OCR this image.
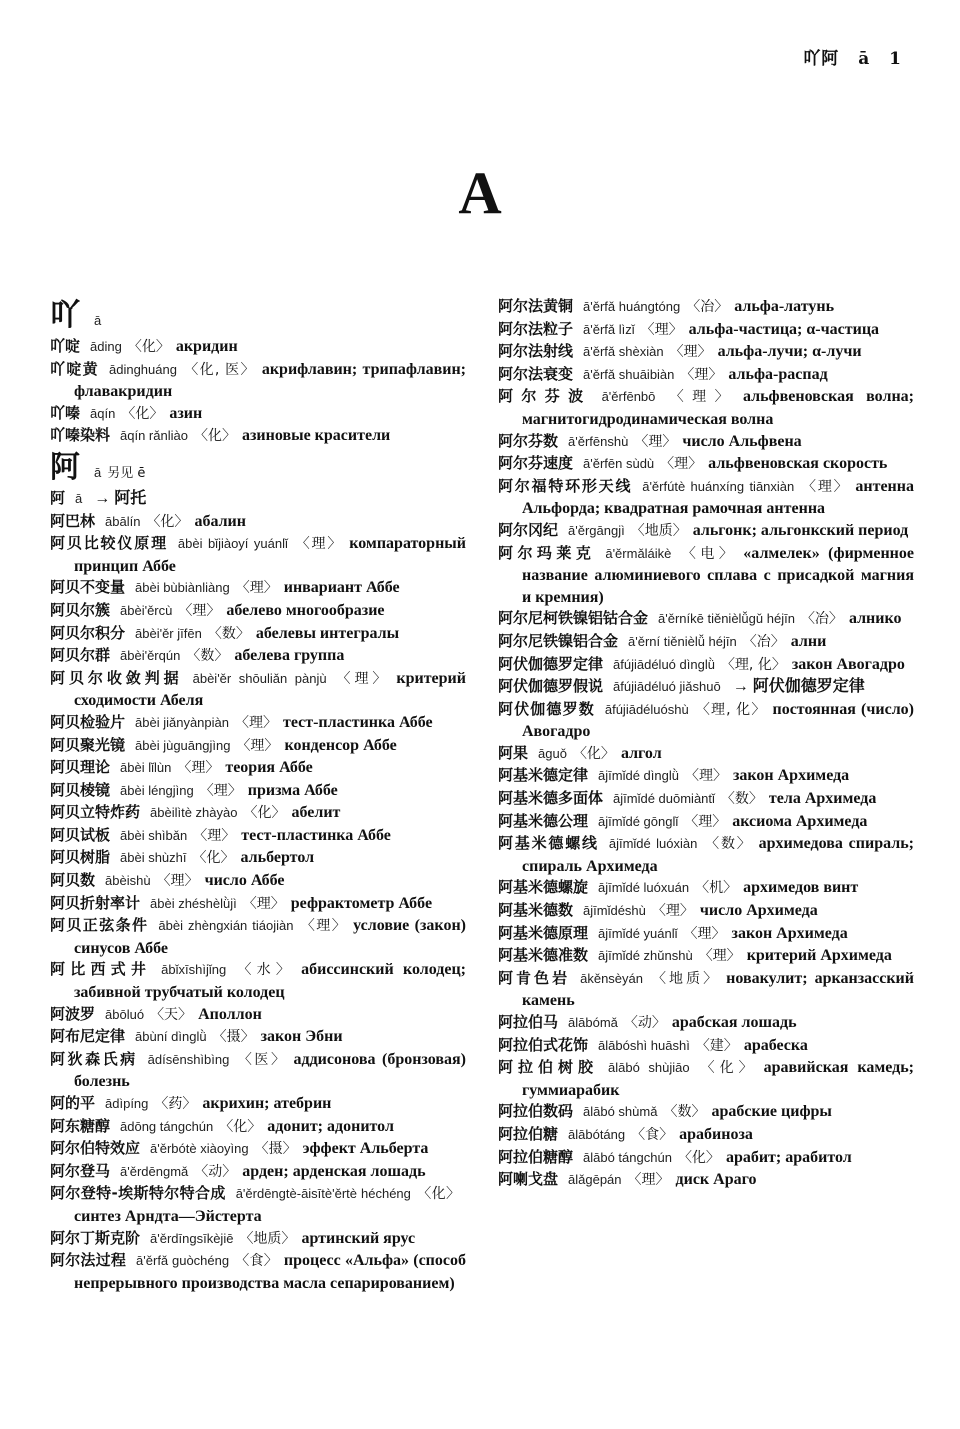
吖阿 ā 1
A

吖 ā

吖啶 āding 〈化〉 акридин

吖啶黄 ādinghuáng 〈化, 医〉 акрифлавин; трипафлавин; флавакридин

吖嗪 āqín 〈化〉 азин

吖嗪染料 āqín rǎnliào 〈化〉 азиновые красители

阿 ā 另见 ē

阿 ā → 阿托

阿巴林 ābālín 〈化〉 абалин

阿贝比较仪原理 ābèi bǐjiàoyí yuánlǐ 〈理〉 компараторный принцип Аббе

阿贝不变量 ābèi bùbiànliàng 〈理〉 инвариант Аббе

阿贝尔簇 ābèi'ěrcù 〈理〉 абелево многообразие

阿贝尔积分 ābèi'ěr jīfēn 〈数〉 абелевы интегралы

阿贝尔群 ābèi'ěrqún 〈数〉 абелева группа

阿贝尔收敛判据 ābèi'ěr shōuliǎn pànjù 〈理〉 критерий сходимости Абеля

阿贝检验片 ābèi jiǎnyànpiàn 〈理〉 тест-пластинка Аббе

阿贝聚光镜 ābèi jùguāngjìng 〈理〉 конденсор Аббе

阿贝理论 ābèi lǐlùn 〈理〉 теория Аббе

阿贝棱镜 ābèi léngjìng 〈理〉 призма Аббе

阿贝立特炸药 ābèilìtè zhàyào 〈化〉 абелит

阿贝试板 ābèi shìbǎn 〈理〉 тест-пластинка Аббе

阿贝树脂 ābèi shùzhī 〈化〉 альбертол

阿贝数 ābèishù 〈理〉 число Аббе

阿贝折射率计 ābèi zhéshèlǜjì 〈理〉 рефрактометр Аббе

阿贝正弦条件 ābèi zhèngxián tiáojiàn 〈理〉 условие (закон) синусов Аббе

阿比西式井 ābǐxīshìjǐng 〈水〉 абиссинский колодец; забивной трубчатый колодец

阿波罗 ābōluó 〈天〉 Аполлон

阿布尼定律 ābùní dìnglǜ 〈摄〉 закон Эбни

阿狄森氏病 ādísēnshìbìng 〈医〉 аддисонова (бронзовая) болезнь

阿的平 ādìpíng 〈药〉 акрихин; атебрин

阿东糖醇 ādōng tángchún 〈化〉 адонит; адонитол

阿尔伯特效应 ā'ěrbótè xiàoyìng 〈摄〉 эффект Альберта

阿尔登马 ā'ěrdēngmǎ 〈动〉 арден; арденская лошадь

阿尔登特-埃斯特尔特合成 ā'ěrdēngtè-āisītè'ěrtè héchéng 〈化〉синтез Арндта—Эйстерта

阿尔丁斯克阶 ā'ěrdīngsīkèjiē 〈地质〉 артинский ярус

阿尔法过程 ā'ěrfǎ guòchéng 〈食〉 процесс «Альфа» (способ непрерывного производства масла сепарированием)

阿尔法黄铜 ā'ěrfǎ huángtóng 〈冶〉 альфа-латунь

阿尔法粒子 ā'ěrfǎ lìzǐ 〈理〉 альфа-частица; α-частица

阿尔法射线 ā'ěrfǎ shèxiàn 〈理〉 альфа-лучи; α-лучи

阿尔法衰变 ā'ěrfǎ shuāibiàn 〈理〉 альфа-распад

阿尔芬波 ā'ěrfēnbō 〈理〉 альфвеновская волна; магнитогидродинамическая волна

阿尔芬数 ā'ěrfēnshù 〈理〉 число Альфвена

阿尔芬速度 ā'ěrfēn sùdù 〈理〉 альфвеновская скорость

阿尔福特环形天线 ā'ěrfútè huánxíng tiānxiàn 〈理〉 антенна Альфорда; квадратная рамочная антенна

阿尔冈纪 ā'ěrgāngjì 〈地质〉 альгонк; альгонкский период

阿尔玛莱克 ā'ěrmǎláikè 〈电〉 «алмелек» (фирменное название алюминиевого сплава с присадкой магния и кремния)

阿尔尼柯铁镍铝钴合金 ā'ěrníkē tiěnièlǚgǔ héjīn 〈冶〉 алнико

阿尔尼铁镍铝合金 ā'ěrní tiěnièlǚ héjīn 〈冶〉 ални

阿伏伽德罗定律 āfújiādéluó dìnglǜ 〈理, 化〉 закон Авогадро

阿伏伽德罗假说 āfújiādéluó jiǎshuō → 阿伏伽德罗定律

阿伏伽德罗数 āfújiādéluóshù 〈理, 化〉 постоянная (число) Авогадро

阿果 āguǒ 〈化〉 алгол

阿基米德定律 ājīmǐdé dìnglǜ 〈理〉 закон Архимеда

阿基米德多面体 ājīmǐdé duōmiàntǐ 〈数〉 тела Архимеда

阿基米德公理 ājīmǐdé gōnglǐ 〈理〉 аксиома Архимеда

阿基米德螺线 ājīmǐdé luóxiàn 〈数〉 архимедова спираль; спираль Архимеда

阿基米德螺旋 ājīmǐdé luóxuán 〈机〉 архимедов винт

阿基米德数 ājīmǐdéshù 〈理〉 число Архимеда

阿基米德原理 ājīmǐdé yuánlǐ 〈理〉 закон Архимеда

阿基米德准数 ājīmǐdé zhǔnshù 〈理〉 критерий Архимеда

阿肯色岩 ākěnsèyán 〈地质〉 новакулит; арканзасский камень

阿拉伯马 ālābómǎ 〈动〉 арабская лошадь

阿拉伯式花饰 ālābóshì huāshì 〈建〉 арабеска

阿拉伯树胶 ālābó shùjiāo 〈化〉 аравийская камедь; гуммиарабик

阿拉伯数码 ālābó shùmǎ 〈数〉 арабские цифры

阿拉伯糖 ālābótáng 〈食〉 арабиноза

阿拉伯糖醇 ālābó tángchún 〈化〉 арабит; арабитол

阿喇戈盘 ālǎgēpán 〈理〉 диск Араго
